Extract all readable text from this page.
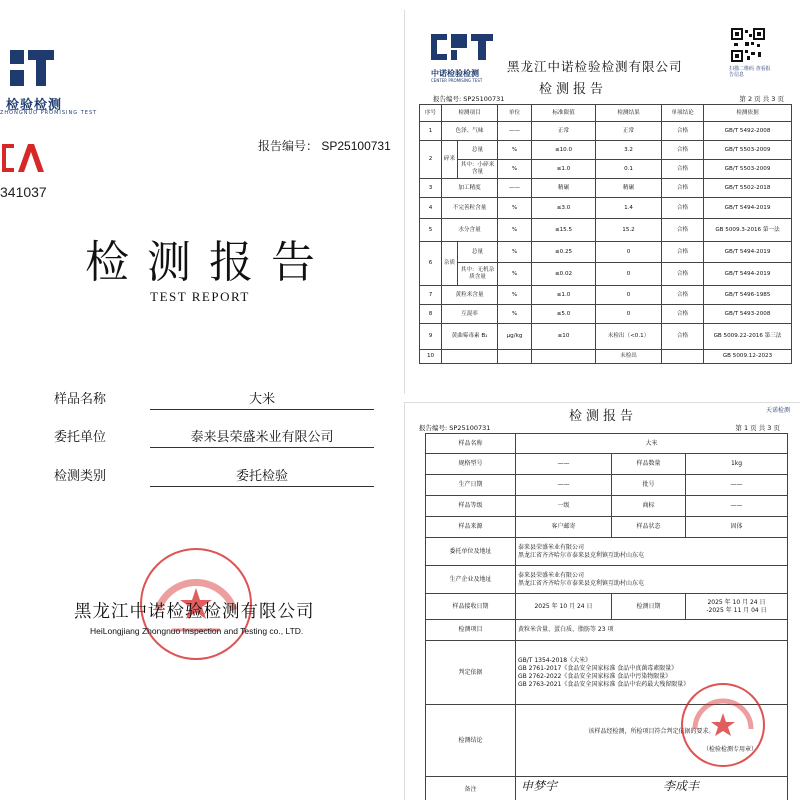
检验检测
ZHONGNUO PROMISING TEST
341037
报告编号： SP25100731
检测报告
TEST REPORT
样品名称	大米
委托单位	泰来县荣盛米业有限公司
检测类别	委托检验
黑龙江中诺检验检测有限公司
HeiLongjiang Zhongnuo Inspection and Testing co., LTD.
中诺检验检测
CENTER PROMISING TEST
黑龙江中诺检验检测有限公司
检测报告
扫描二维码 查看报告信息
报告编号: SP25100731	第 2 页 共 3 页
序号	检测项目		单位	标准限值	检测结果	单项结论	检测依据
1	色泽、气味		——	正常	正常	合格	GB/T 5492-2008
2	碎米	总量	%	≤10.0	3.2	合格	GB/T 5503-2009
		其中：小碎米含量	%	≤1.0	0.1	合格	GB/T 5503-2009
3	加工精度		——	精碾	精碾	合格	GB/T 5502-2018
4	不完善粒含量		%	≤3.0	1.4	合格	GB/T 5494-2019
5	水分含量		%	≤15.5	15.2	合格	GB 5009.3-2016 第一法
6	杂质	总量	%	≤0.25	0	合格	GB/T 5494-2019
		其中：无机杂质含量	%	≤0.02	0	合格	GB/T 5494-2019
7	黄粒米含量		%	≤1.0	0	合格	GB/T 5496-1985
8	互混率		%	≤5.0	0	合格	GB/T 5493-2008
9	黄曲霉毒素 B₁		μg/kg	≤10	未检出（<0.1）	合格	GB 5009.22-2016 第三法
10					未检出		GB 5009.12-2023
检测报告	天诺检测
报告编号: SP25100731	第 1 页 共 3 页
样品名称	大米		
规格型号	——	样品数量	1kg
生产日期	——	批号	——
样品等级	一级	商标	——
样品来源	客户邮寄	样品状态	固体
委托单位及地址	泰来县荣盛米业有限公司
黑龙江省齐齐哈尔市泰来县克利镇互助村山东屯		

生产企业及地址	泰来县荣盛米业有限公司
黑龙江省齐齐哈尔市泰来县克利镇互助村山东屯		

样品接收日期	2025 年 10 月 24 日	检测日期	2025 年 10 月 24 日
-2025 年 11 月 04 日

检测项目	黄粒米含量、蛋白质、脂肪等 23 项		
判定依据	GB/T 1354-2018《大米》
GB 2761-2017《食品安全国家标准 食品中真菌毒素限量》
GB 2762-2022《食品安全国家标准 食品中污染物限量》
GB 2763-2021《食品安全国家标准 食品中农药最大残留限量》		

检测结论	该样品经检测，所检项目符合判定依据的要求。
（检验检测专用章）		

备注				申梦宇	李成丰
